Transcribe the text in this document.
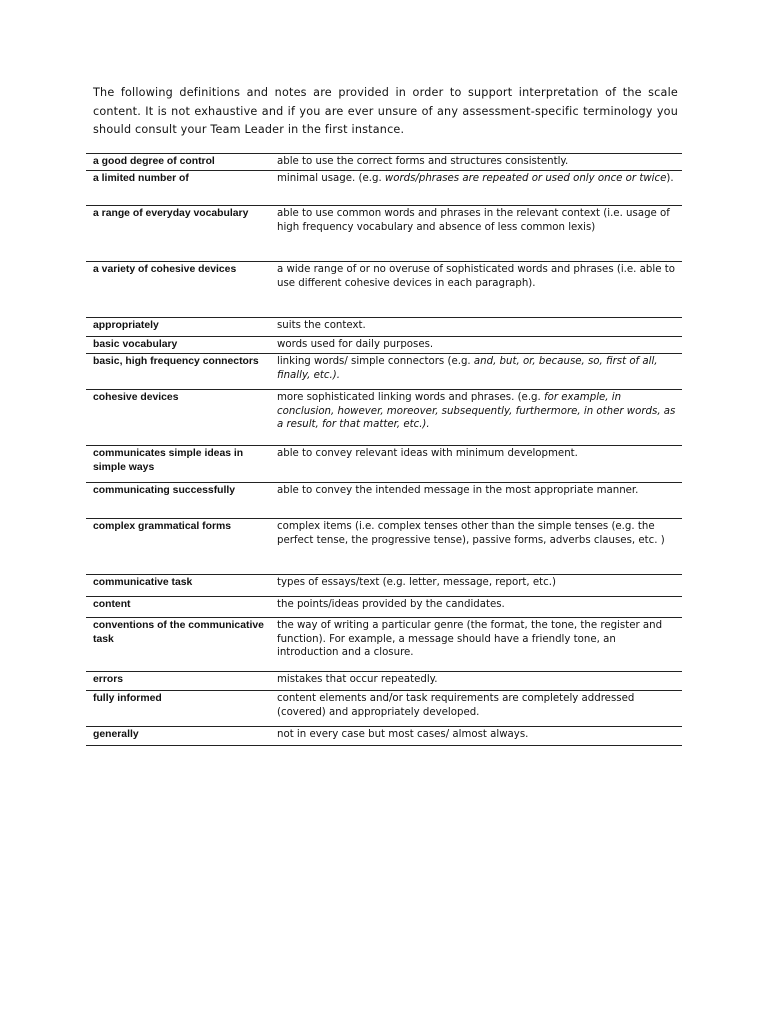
The following definitions and notes are provided in order to support interpretation of the scale content. It is not exhaustive and if you are ever unsure of any assessment-specific terminology you should consult your Team Leader in the first instance.

a good degree of control	able to use the correct forms and structures consistently.
a limited number of	minimal usage. (e.g. words/phrases are repeated or used only once or twice).
a range of everyday vocabulary	able to use common words and phrases in the relevant context (i.e. usage of high frequency vocabulary and absence of less common lexis)
a variety of cohesive devices	a wide range of or no overuse of sophisticated words and phrases (i.e. able to use different cohesive devices in each paragraph).
appropriately	suits the context.
basic vocabulary	words used for daily purposes.
basic, high frequency connectors	linking words/ simple connectors (e.g. and, but, or, because, so, first of all, finally, etc.).
cohesive devices	more sophisticated linking words and phrases. (e.g. for example, in conclusion, however, moreover, subsequently, furthermore, in other words, as a result, for that matter, etc.).
communicates simple ideas in simple ways	able to convey relevant ideas with minimum development.
communicating successfully	able to convey the intended message in the most appropriate manner.
complex grammatical forms	complex items (i.e. complex tenses other than the simple tenses (e.g. the perfect tense, the progressive tense), passive forms, adverbs clauses, etc. )
communicative task	types of essays/text (e.g. letter, message, report, etc.)
content	the points/ideas provided by the candidates.
conventions of the communicative task	the way of writing a particular genre (the format, the tone, the register and function). For example, a message should have a friendly tone, an introduction and a closure.
errors	mistakes that occur repeatedly.
fully informed	content elements and/or task requirements are completely addressed (covered) and appropriately developed.
generally	not in every case but most cases/ almost always.
